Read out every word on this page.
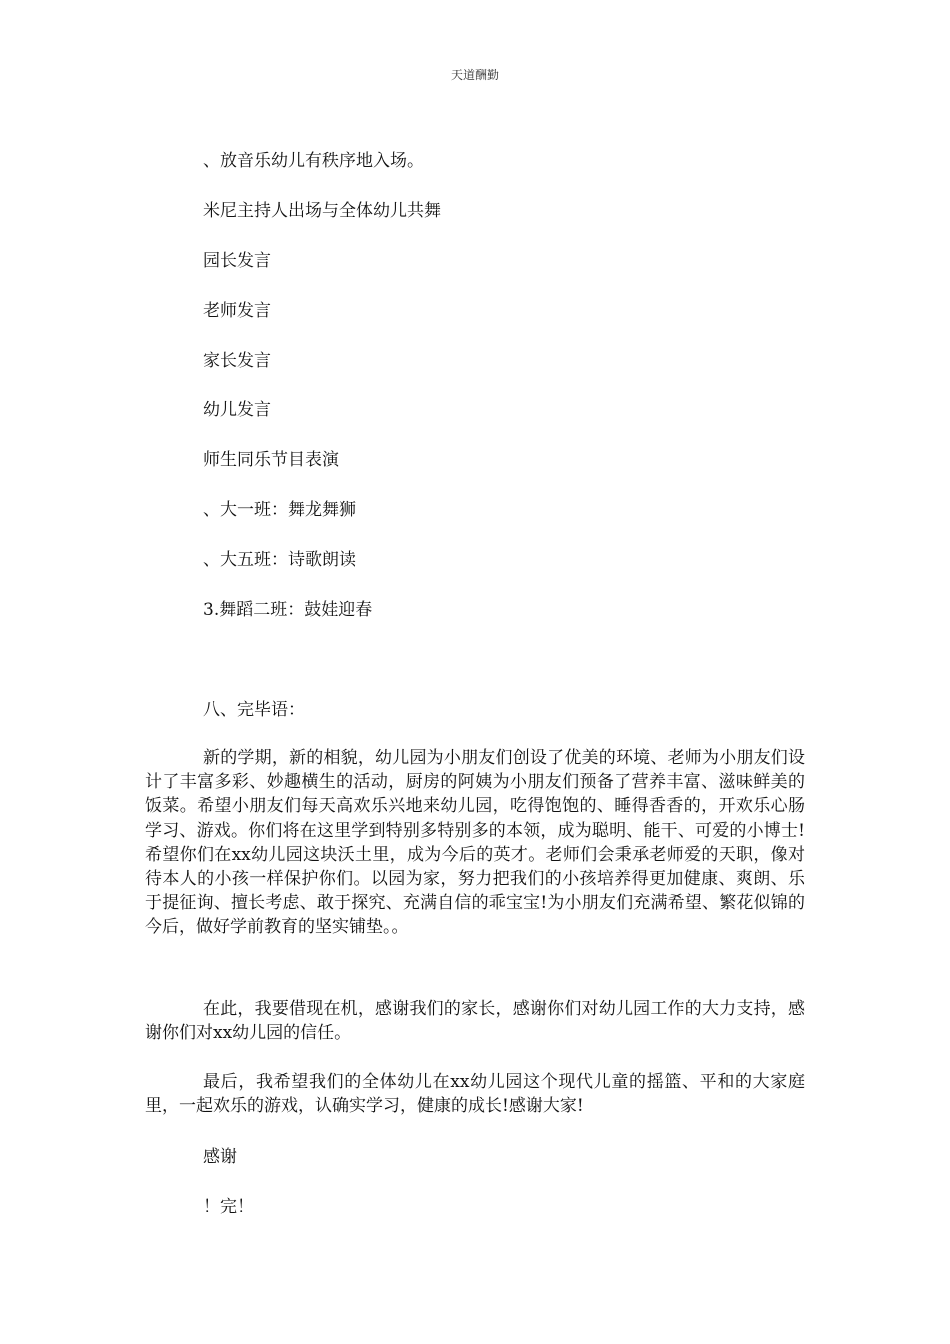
天道酬勤
、放音乐幼儿有秩序地入场。
米尼主持人出场与全体幼儿共舞
园长发言
老师发言
家长发言
幼儿发言
师生同乐节目表演
、大一班：舞龙舞狮
、大五班：诗歌朗读
3.舞蹈二班：鼓娃迎春
八、完毕语：
新的学期，新的相貌，幼儿园为小朋友们创设了优美的环境、老师为小朋友们设计了丰富多彩、妙趣横生的活动，厨房的阿姨为小朋友们预备了营养丰富、滋味鲜美的饭菜。希望小朋友们每天高欢乐兴地来幼儿园，吃得饱饱的、睡得香香的，开欢乐心肠学习、游戏。你们将在这里学到特别多特别多的本领，成为聪明、能干、可爱的小博士!希望你们在xx幼儿园这块沃土里，成为今后的英才。老师们会秉承老师爱的天职，像对待本人的小孩一样保护你们。以园为家，努力把我们的小孩培养得更加健康、爽朗、乐于提征询、擅长考虑、敢于探究、充满自信的乖宝宝!为小朋友们充满希望、繁花似锦的今后，做好学前教育的坚实铺垫。。
在此，我要借现在机，感谢我们的家长，感谢你们对幼儿园工作的大力支持，感谢你们对xx幼儿园的信任。
最后，我希望我们的全体幼儿在xx幼儿园这个现代儿童的摇篮、平和的大家庭里，一起欢乐的游戏，认确实学习，健康的成长!感谢大家!
感谢
！完！
